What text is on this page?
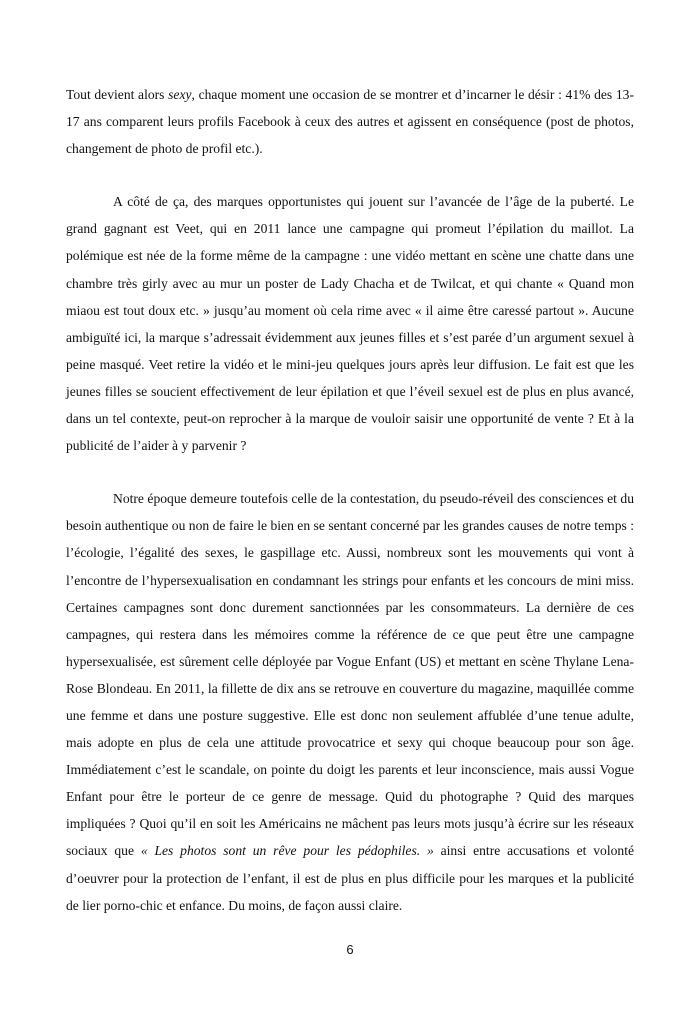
Tout devient alors sexy, chaque moment une occasion de se montrer et d’incarner le désir : 41% des 13-17 ans comparent leurs profils Facebook à ceux des autres et agissent en conséquence (post de photos, changement de photo de profil etc.).

A côté de ça, des marques opportunistes qui jouent sur l’avancée de l’âge de la puberté. Le grand gagnant est Veet, qui en 2011 lance une campagne qui promeut l’épilation du maillot. La polémique est née de la forme même de la campagne : une vidéo mettant en scène une chatte dans une chambre très girly avec au mur un poster de Lady Chacha et de Twilcat, et qui chante « Quand mon miaou est tout doux etc. » jusqu’au moment où cela rime avec « il aime être caressé partout ». Aucune ambiguïté ici, la marque s’adressait évidemment aux jeunes filles et s’est parée d’un argument sexuel à peine masqué. Veet retire la vidéo et le mini-jeu quelques jours après leur diffusion. Le fait est que les jeunes filles se soucient effectivement de leur épilation et que l’éveil sexuel est de plus en plus avancé, dans un tel contexte, peut-on reprocher à la marque de vouloir saisir une opportunité de vente ? Et à la publicité de l’aider à y parvenir ?

Notre époque demeure toutefois celle de la contestation, du pseudo-réveil des consciences et du besoin authentique ou non de faire le bien en se sentant concerné par les grandes causes de notre temps : l’écologie, l’égalité des sexes, le gaspillage etc. Aussi, nombreux sont les mouvements qui vont à l’encontre de l’hypersexualisation en condamnant les strings pour enfants et les concours de mini miss. Certaines campagnes sont donc durement sanctionnées par les consommateurs. La dernière de ces campagnes, qui restera dans les mémoires comme la référence de ce que peut être une campagne hypersexualisée, est sûrement celle déployée par Vogue Enfant (US) et mettant en scène Thylane Lena-Rose Blondeau. En 2011, la fillette de dix ans se retrouve en couverture du magazine, maquillée comme une femme et dans une posture suggestive. Elle est donc non seulement affublée d’une tenue adulte, mais adopte en plus de cela une attitude provocatrice et sexy qui choque beaucoup pour son âge. Immédiatement c’est le scandale, on pointe du doigt les parents et leur inconscience, mais aussi Vogue Enfant pour être le porteur de ce genre de message. Quid du photographe ? Quid des marques impliquées ? Quoi qu’il en soit les Américains ne mâchent pas leurs mots jusqu’à écrire sur les réseaux sociaux que « Les photos sont un rêve pour les pédophiles. » ainsi entre accusations et volonté d’oeuvrer pour la protection de l’enfant, il est de plus en plus difficile pour les marques et la publicité de lier porno-chic et enfance. Du moins, de façon aussi claire.

6
